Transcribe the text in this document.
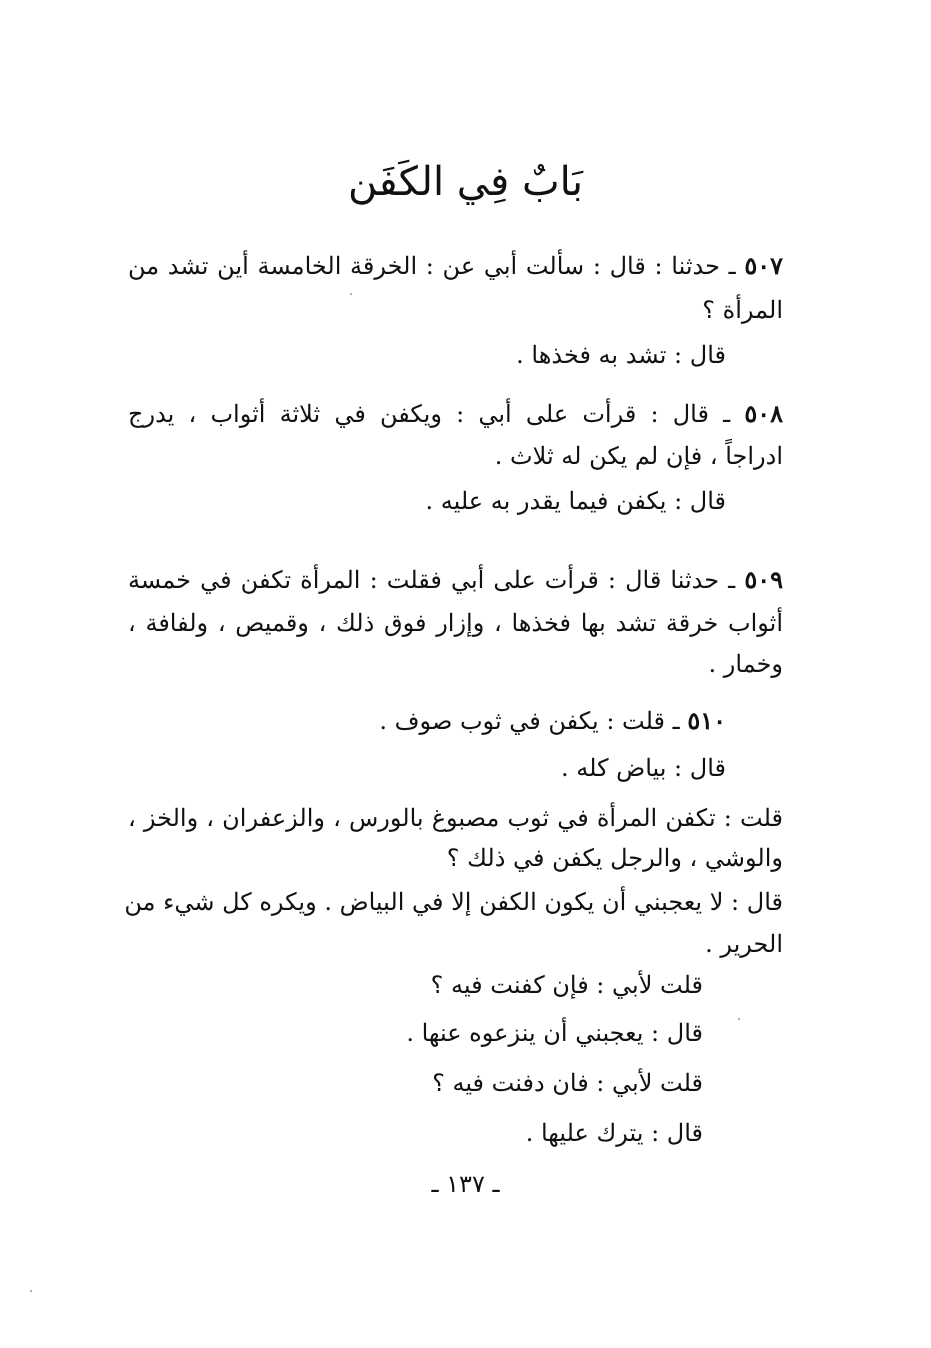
بَابٌ فِي الكَفَن
٥٠٧ ـ حدثنا : قال : سألت أبي عن : الخرقة الخامسة أين تشد من
المرأة ؟
قال : تشد به فخذها .
٥٠٨ ـ قال : قرأت على أبي : ويكفن في ثلاثة أثواب ، يدرج
ادراجاً ، فإن لم يكن له ثلاث .
قال : يكفن فيما يقدر به عليه .
٥٠٩ ـ حدثنا قال : قرأت على أبي فقلت : المرأة تكفن في خمسة
أثواب خرقة تشد بها فخذها ، وإزار فوق ذلك ، وقميص ، ولفافة ،
وخمار .
٥١٠ ـ قلت : يكفن في ثوب صوف .
قال : بياض كله .
قلت : تكفن المرأة في ثوب مصبوغ بالورس ، والزعفران ، والخز ،
والوشي ، والرجل يكفن في ذلك ؟
قال : لا يعجبني أن يكون الكفن إلا في البياض . ويكره كل شيء من
الحرير .
قلت لأبي : فإن كفنت فيه ؟
قال : يعجبني أن ينزعوه عنها .
قلت لأبي : فان دفنت فيه ؟
قال : يترك عليها .
ـ ١٣٧ ـ
